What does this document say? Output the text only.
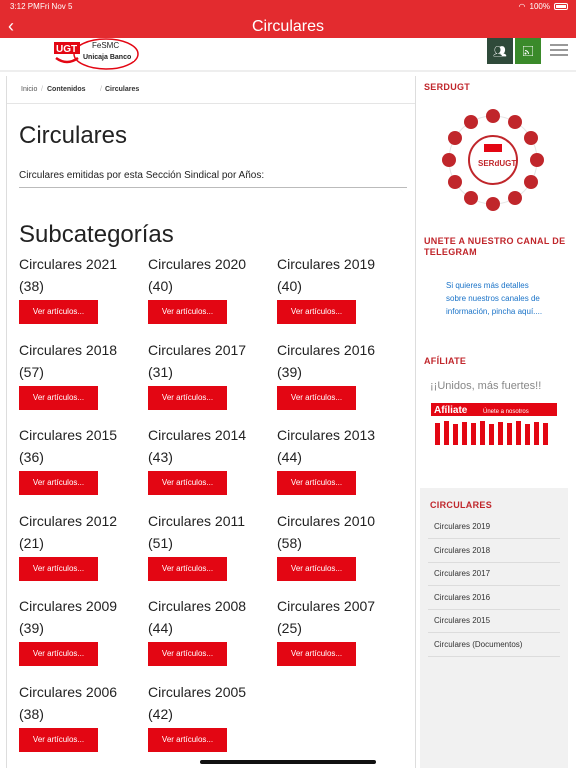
3:12 PM Fri Nov 5	◠ 100%
‹	Circulares
UGT FeSMC
Unicaja Banco	👥︎
Inicio / Contenidos / Circulares
Circulares
Circulares emitidas por esta Sección Sindical por Años:
Subcategorías
Circulares 2021
(38)
Ver artículos...
Circulares 2020
(40)
Ver artículos...
Circulares 2019
(40)
Ver artículos...
Circulares 2018
(57)
Ver artículos...
Circulares 2017
(31)
Ver artículos...
Circulares 2016
(39)
Ver artículos...
Circulares 2015
(36)
Ver artículos...
Circulares 2014
(43)
Ver artículos...
Circulares 2013
(44)
Ver artículos...
Circulares 2012
(21)
Ver artículos...
Circulares 2011
(51)
Ver artículos...
Circulares 2010
(58)
Ver artículos...
Circulares 2009
(39)
Ver artículos...
Circulares 2008
(44)
Ver artículos...
Circulares 2007
(25)
Ver artículos...
Circulares 2006
(38)
Ver artículos...
Circulares 2005
(42)
Ver artículos...
SERDUGT
SERdUGT
UNETE A NUESTRO CANAL DE TELEGRAM
Si quieres más detalles sobre nuestros canales de información, pincha aquí....
AFÍLIATE
¡¡Unidos, más fuertes!!
Afíliate	Únete a nosotros
CIRCULARES
Circulares 2019
Circulares 2018
Circulares 2017
Circulares 2016
Circulares 2015
Circulares (Documentos)
